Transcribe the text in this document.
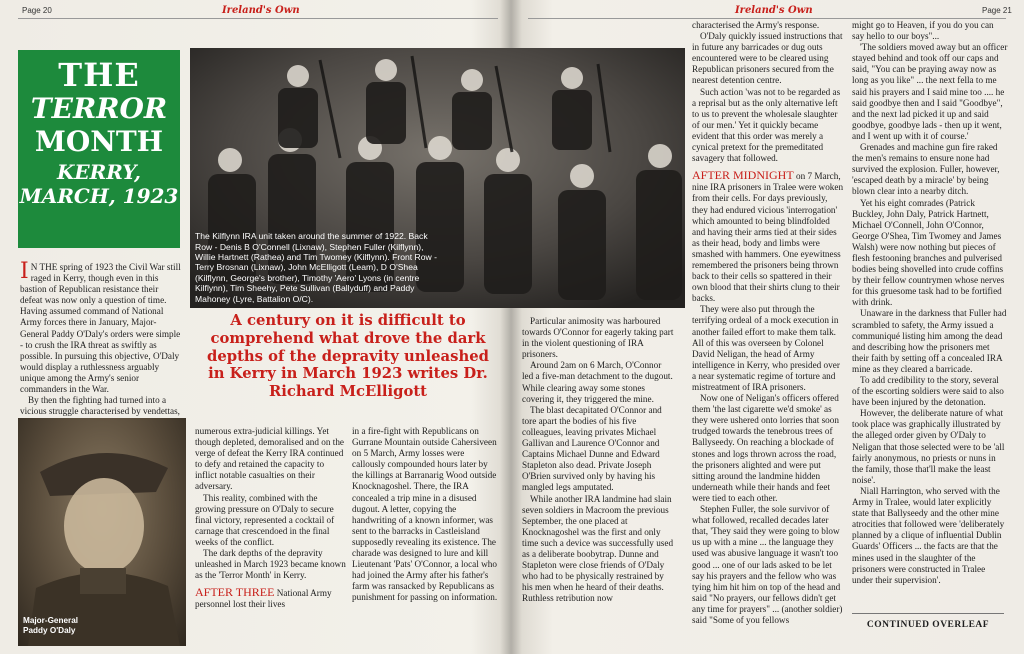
Page 20	Ireland's Own	Ireland's Own	Page 21
THE
TERROR
MONTH
KERRY,
MARCH, 1923
The Kilflynn IRA unit taken around the summer of 1922. Back Row - Denis B O'Connell (Lixnaw), Stephen Fuller (Kilflynn), Willie Hartnett (Rathea) and Tim Twomey (Kilflynn). Front Row - Terry Brosnan (Lixnaw), John McElligott (Leam), D O'Shea (Kilflynn, George's brother), Timothy 'Aero' Lyons (in centre Kilflynn), Tim Sheehy, Pete Sullivan (Ballyduff) and Paddy Mahoney (Lyre, Battalion O/C).

I N THE spring of 1923 the Civil War still raged in Kerry, though even in this bastion of Republican resistance their defeat was now only a question of time. Having assumed command of National Army forces there in January, Major-General Paddy O'Daly's orders were simple - to crush the IRA threat as swiftly as possible. In pursuing this objective, O'Daly would display a ruthlessness arguably unique among the Army's senior commanders in the War.

By then the fighting had turned into a vicious struggle characterised by vendettas,

Major-General
Paddy O'Daly
A century on it is difficult to comprehend what drove the dark depths of the depravity unleashed in Kerry in March 1923 writes Dr. Richard McElligott

numerous extra-judicial killings. Yet though depleted, demoralised and on the verge of defeat the Kerry IRA continued to defy and retained the capacity to inflict notable casualties on their adversary.

This reality, combined with the growing pressure on O'Daly to secure final victory, represented a cocktail of carnage that crescendoed in the final weeks of the conflict.

The dark depths of the depravity unleashed in March 1923 became known as the 'Terror Month' in Kerry.

AFTER THREE National Army personnel lost their lives

in a fire-fight with Republicans on Gurrane Mountain outside Cahersiveen on 5 March, Army losses were callously compounded hours later by the killings at Barranarig Wood outside Knocknagoshel. There, the IRA concealed a trip mine in a disused dugout. A letter, copying the handwriting of a known informer, was sent to the barracks in Castleisland supposedly revealing its existence. The charade was designed to lure and kill Lieutenant 'Pats' O'Connor, a local who had joined the Army after his father's farm was ransacked by Republicans as punishment for passing on information.

Particular animosity was harboured towards O'Connor for eagerly taking part in the violent questioning of IRA prisoners.

Around 2am on 6 March, O'Connor led a five-man detachment to the dugout. While clearing away some stones covering it, they triggered the mine.

The blast decapitated O'Connor and tore apart the bodies of his five colleagues, leaving privates Michael Gallivan and Laurence O'Connor and Captains Michael Dunne and Edward Stapleton also dead. Private Joseph O'Brien survived only by having his mangled legs amputated.

While another IRA landmine had slain seven soldiers in Macroom the previous September, the one placed at Knocknagoshel was the first and only time such a device was successfully used as a deliberate boobytrap. Dunne and Stapleton were close friends of O'Daly who had to be physically restrained by his men when he heard of their deaths. Ruthless retribution now

characterised the Army's response.

O'Daly quickly issued instructions that in future any barricades or dug outs encountered were to be cleared using Republican prisoners secured from the nearest detention centre.

Such action 'was not to be regarded as a reprisal but as the only alternative left to us to prevent the wholesale slaughter of our men.' Yet it quickly became evident that this order was merely a cynical pretext for the premeditated savagery that followed.

AFTER MIDNIGHT on 7 March, nine IRA prisoners in Tralee were woken from their cells. For days previously, they had endured vicious 'interrogation' which amounted to being blindfolded and having their arms tied at their sides as their head, body and limbs were smashed with hammers. One eyewitness remembered the prisoners being thrown back to their cells so spattered in their own blood that their shirts clung to their backs.

They were also put through the terrifying ordeal of a mock execution in another failed effort to make them talk. All of this was overseen by Colonel David Neligan, the head of Army intelligence in Kerry, who presided over a near systematic regime of torture and mistreatment of IRA prisoners.

Now one of Neligan's officers offered them 'the last cigarette we'd smoke' as they were ushered onto lorries that soon trudged towards the tenebrous trees of Ballyseedy. On reaching a blockade of stones and logs thrown across the road, the prisoners alighted and were put sitting around the landmine hidden underneath while their hands and feet were tied to each other.

Stephen Fuller, the sole survivor of what followed, recalled decades later that, 'They said they were going to blow us up with a mine ... the language they used was abusive language it wasn't too good ... one of our lads asked to be let say his prayers and the fellow who was tying him hit him on top of the head and said "No prayers, our fellows didn't get any time for prayers" ... (another soldier) said "Some of you fellows

might go to Heaven, if you do you can say hello to our boys"...

'The soldiers moved away but an officer stayed behind and took off our caps and said, "You can be praying away now as long as you like" ... the next fella to me said his prayers and I said mine too .... he said goodbye then and I said "Goodbye", and the next lad picked it up and said goodbye, goodbye lads - then up it went, and I went up with it of course.'

Grenades and machine gun fire raked the men's remains to ensure none had survived the explosion. Fuller, however, 'escaped death by a miracle' by being blown clear into a nearby ditch.

Yet his eight comrades (Patrick Buckley, John Daly, Patrick Hartnett, Michael O'Connell, John O'Connor, George O'Shea, Tim Twomey and James Walsh) were now nothing but pieces of flesh festooning branches and pulverised bodies being shovelled into crude coffins by their fellow countrymen whose nerves for this gruesome task had to be fortified with drink.

Unaware in the darkness that Fuller had scrambled to safety, the Army issued a communiqué listing him among the dead and describing how the prisoners met their faith by setting off a concealed IRA mine as they cleared a barricade.

To add credibility to the story, several of the escorting soldiers were said to also have been injured by the detonation.

However, the deliberate nature of what took place was graphically illustrated by the alleged order given by O'Daly to Neligan that those selected were to be 'all fairly anonymous, no priests or nuns in the family, those that'll make the least noise'.

Niall Harrington, who served with the Army in Tralee, would later explicitly state that Ballyseedy and the other mine atrocities that followed were 'deliberately planned by a clique of influential Dublin Guards' Officers ... the facts are that the mines used in the slaughter of the prisoners were constructed in Tralee under their supervision'.

CONTINUED OVERLEAF
